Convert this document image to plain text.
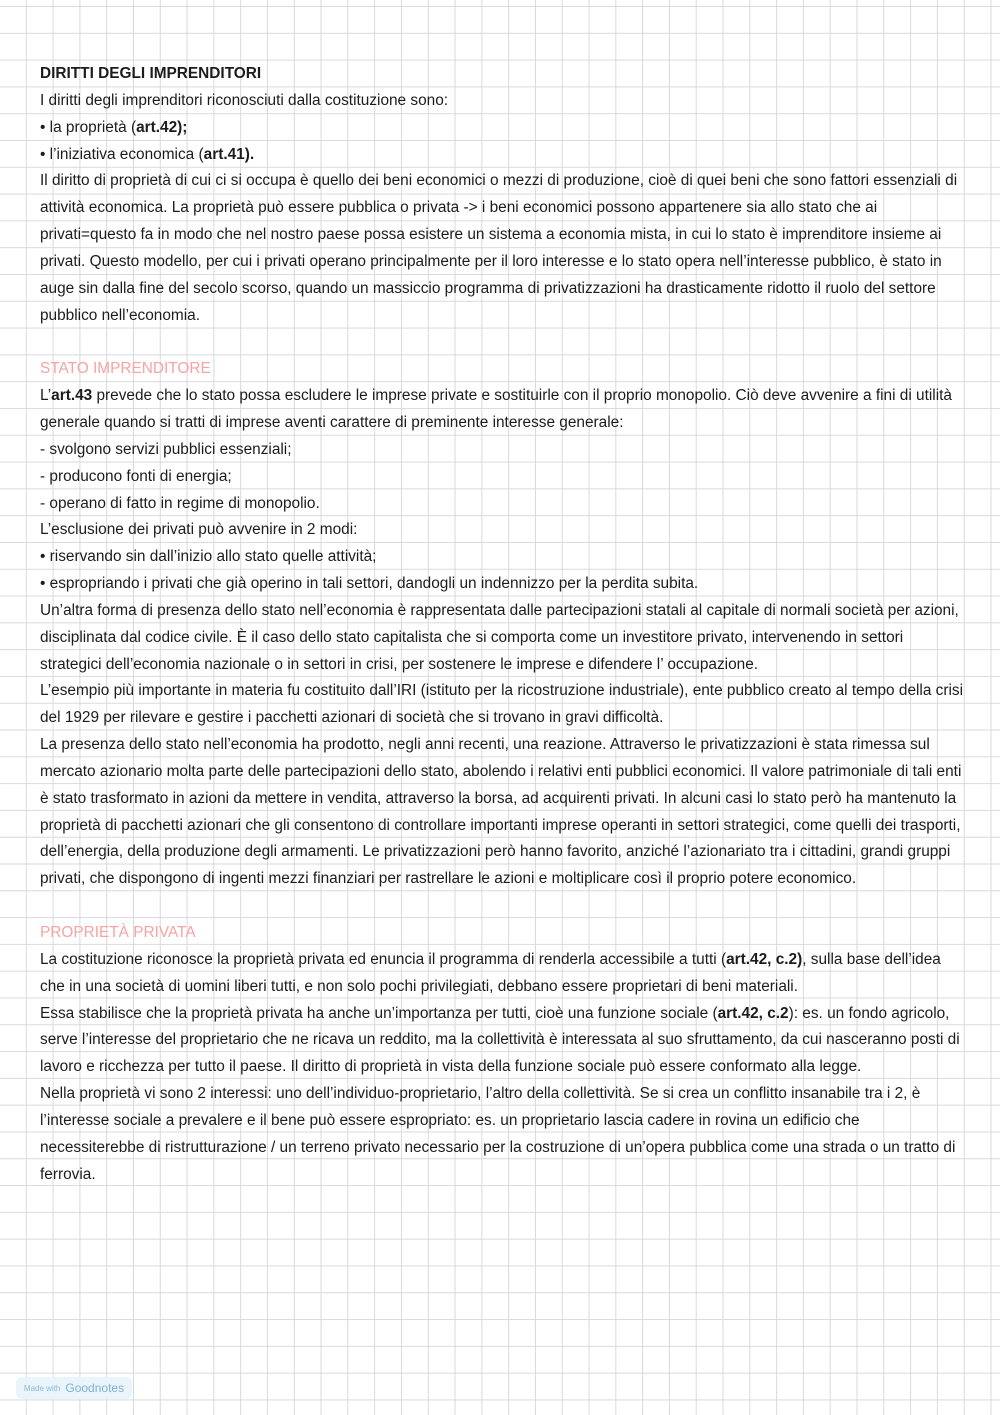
DIRITTI DEGLI IMPRENDITORI

I diritti degli imprenditori riconosciuti dalla costituzione sono:

• la proprietà (art.42);

• l’iniziativa economica (art.41).

Il diritto di proprietà di cui ci si occupa è quello dei beni economici o mezzi di produzione, cioè di quei beni che sono fattori essenziali di attività economica. La proprietà può essere pubblica o privata -> i beni economici possono appartenere sia allo stato che ai privati=questo fa in modo che nel nostro paese possa esistere un sistema a economia mista, in cui lo stato è imprenditore insieme ai privati. Questo modello, per cui i privati operano principalmente per il loro interesse e lo stato opera nell’interesse pubblico, è stato in auge sin dalla fine del secolo scorso, quando un massiccio programma di privatizzazioni ha drasticamente ridotto il ruolo del settore pubblico nell’economia.

STATO IMPRENDITORE

L’art.43 prevede che lo stato possa escludere le imprese private e sostituirle con il proprio monopolio. Ciò deve avvenire a fini di utilità generale quando si tratti di imprese aventi carattere di preminente interesse generale:

- svolgono servizi pubblici essenziali;

- producono fonti di energia;

- operano di fatto in regime di monopolio.

L’esclusione dei privati può avvenire in 2 modi:

• riservando sin dall’inizio allo stato quelle attività;

• espropriando i privati che già operino in tali settori, dandogli un indennizzo per la perdita subita.

Un’altra forma di presenza dello stato nell’economia è rappresentata dalle partecipazioni statali al capitale di normali società per azioni, disciplinata dal codice civile. È il caso dello stato capitalista che si comporta come un investitore privato, intervenendo in settori strategici dell’economia nazionale o in settori in crisi, per sostenere le imprese e difendere l’ occupazione.

L’esempio più importante in materia fu costituito dall’IRI (istituto per la ricostruzione industriale), ente pubblico creato al tempo della crisi del 1929 per rilevare e gestire i pacchetti azionari di società che si trovano in gravi difficoltà.

La presenza dello stato nell’economia ha prodotto, negli anni recenti, una reazione. Attraverso le privatizzazioni è stata rimessa sul mercato azionario molta parte delle partecipazioni dello stato, abolendo i relativi enti pubblici economici. Il valore patrimoniale di tali enti è stato trasformato in azioni da mettere in vendita, attraverso la borsa, ad acquirenti privati. In alcuni casi lo stato però ha mantenuto la proprietà di pacchetti azionari che gli consentono di controllare importanti imprese operanti in settori strategici, come quelli dei trasporti, dell’energia, della produzione degli armamenti. Le privatizzazioni però hanno favorito, anziché l’azionariato tra i cittadini, grandi gruppi privati, che dispongono di ingenti mezzi finanziari per rastrellare le azioni e moltiplicare così il proprio potere economico.

PROPRIETÀ PRIVATA

La costituzione riconosce la proprietà privata ed enuncia il programma di renderla accessibile a tutti (art.42, c.2), sulla base dell’idea che in una società di uomini liberi tutti, e non solo pochi privilegiati, debbano essere proprietari di beni materiali.

Essa stabilisce che la proprietà privata ha anche un’importanza per tutti, cioè una funzione sociale (art.42, c.2): es. un fondo agricolo, serve l’interesse del proprietario che ne ricava un reddito, ma la collettività è interessata al suo sfruttamento, da cui nasceranno posti di lavoro e ricchezza per tutto il paese. Il diritto di proprietà in vista della funzione sociale può essere conformato alla legge.

Nella proprietà vi sono 2 interessi: uno dell’individuo-proprietario, l’altro della collettività. Se si crea un conflitto insanabile tra i 2, è l’interesse sociale a prevalere e il bene può essere espropriato: es. un proprietario lascia cadere in rovina un edificio che necessiterebbe di ristrutturazione / un terreno privato necessario per la costruzione di un’opera pubblica come una strada o un tratto di ferrovia.

Made with Goodnotes
